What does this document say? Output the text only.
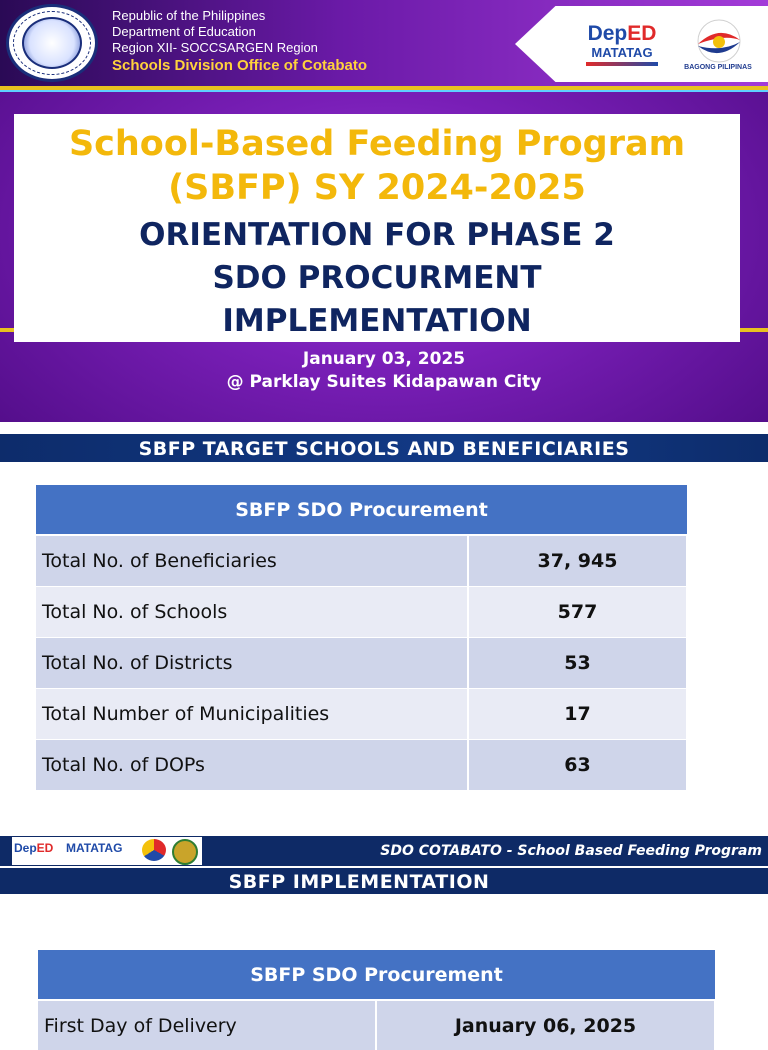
Republic of the Philippines
Department of Education
Region XII- SOCCSARGEN Region
Schools Division Office of Cotabato
DepED
MATATAG
BAGONG PILIPINAS
School-Based Feeding Program
(SBFP) SY 2024-2025
ORIENTATION FOR PHASE 2
SDO PROCURMENT
IMPLEMENTATION
January 03, 2025
@ Parklay Suites Kidapawan City
SBFP TARGET SCHOOLS AND BENEFICIARIES
SBFP SDO Procurement	
Total No. of Beneficiaries	37, 945
Total No. of Schools	577
Total No. of Districts	53
Total Number of Municipalities	17
Total No. of DOPs	63
DepED MATATAG	SDO COTABATO - School Based Feeding Program
SBFP IMPLEMENTATION
SBFP SDO Procurement
First Day of Delivery	January 06, 2025
